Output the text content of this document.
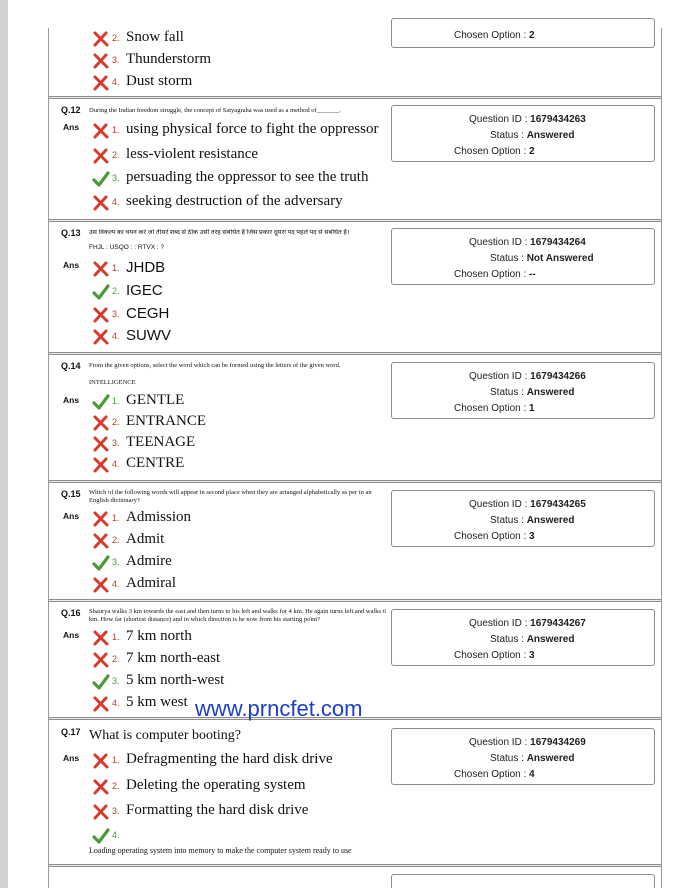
Chosen Option : 2
2. Snow fall
3. Thunderstorm
4. Dust storm
Q.12 During the Indian freedom struggle, the concept of Satyagraha was used as a method of_______.
Ans
Question ID : 1679434263
Status : Answered
Chosen Option : 2
1. using physical force to fight the oppressor
2. less-violent resistance
3. persuading the oppressor to see the truth
4. seeking destruction of the adversary
Q.13 उस विकल्प का चयन करें जो तीसरे शब्द से ठीक उसी तरह संबंधित है जिस प्रकार दूसरा पद पहले पद से संबंधित है।
FHJL : USQO : : RTVX : ?
Ans
Question ID : 1679434264
Status : Not Answered
Chosen Option : --
1. JHDB
2. IGEC
3. CEGH
4. SUWV
Q.14 From the given options, select the word which can be formed using the letters of the given word.
INTELLIGENCE
Ans
Question ID : 1679434266
Status : Answered
Chosen Option : 1
1. GENTLE
2. ENTRANCE
3. TEENAGE
4. CENTRE
Q.15 Which of the following words will appear in second place when they are arranged alphabetically as per in an English dictionary?
Ans
Question ID : 1679434265
Status : Answered
Chosen Option : 3
1. Admission
2. Admit
3. Admire
4. Admiral
Q.16 Shaurya walks 3 km towards the east and then turns to his left and walks for 4 km. He again turns left and walks 6 km. How far (shortest distance) and in which direction is he now from his starting point?
Ans
Question ID : 1679434267
Status : Answered
Chosen Option : 3
1. 7 km north
2. 7 km north-east
3. 5 km north-west
4. 5 km west
Q.17 What is computer booting?
Ans
Question ID : 1679434269
Status : Answered
Chosen Option : 4
1. Defragmenting the hard disk drive
2. Deleting the operating system
3. Formatting the hard disk drive
4.
Loading operating system into memory to make the computer system ready to use
www.prncfet.com
